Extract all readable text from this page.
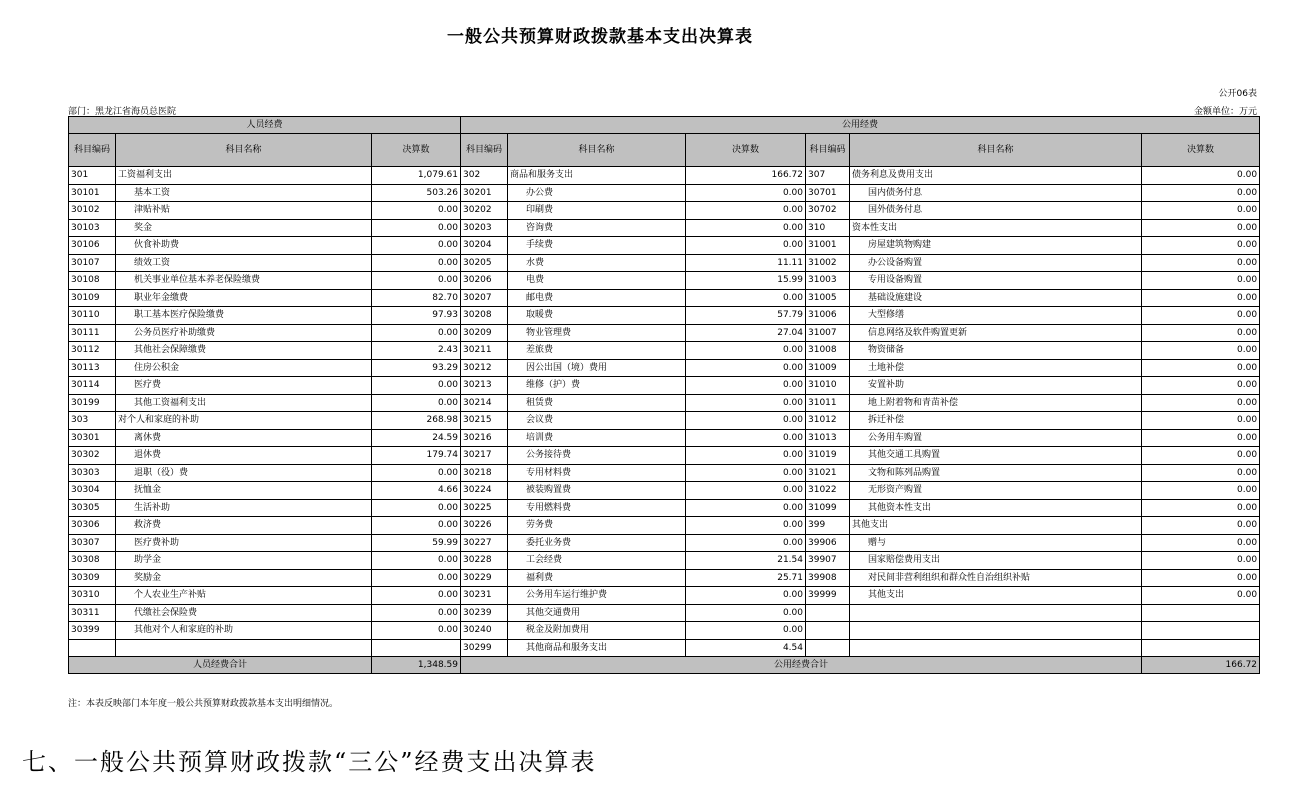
一般公共预算财政拨款基本支出决算表
公开06表
部门：黑龙江省海员总医院	金额单位：万元
人员经费			公用经费					
科目编码	科目名称	决算数	科目编码	科目名称	决算数	科目编码	科目名称	决算数
301	工资福利支出	1,079.61	302	商品和服务支出	166.72	307	债务利息及费用支出	0.00
30101	基本工资	503.26	30201	办公费	0.00	30701	国内债务付息	0.00
30102	津贴补贴	0.00	30202	印刷费	0.00	30702	国外债务付息	0.00
30103	奖金	0.00	30203	咨询费	0.00	310	资本性支出	0.00
30106	伙食补助费	0.00	30204	手续费	0.00	31001	房屋建筑物购建	0.00
30107	绩效工资	0.00	30205	水费	11.11	31002	办公设备购置	0.00
30108	机关事业单位基本养老保险缴费	0.00	30206	电费	15.99	31003	专用设备购置	0.00
30109	职业年金缴费	82.70	30207	邮电费	0.00	31005	基础设施建设	0.00
30110	职工基本医疗保险缴费	97.93	30208	取暖费	57.79	31006	大型修缮	0.00
30111	公务员医疗补助缴费	0.00	30209	物业管理费	27.04	31007	信息网络及软件购置更新	0.00
30112	其他社会保障缴费	2.43	30211	差旅费	0.00	31008	物资储备	0.00
30113	住房公积金	93.29	30212	因公出国（境）费用	0.00	31009	土地补偿	0.00
30114	医疗费	0.00	30213	维修（护）费	0.00	31010	安置补助	0.00
30199	其他工资福利支出	0.00	30214	租赁费	0.00	31011	地上附着物和青苗补偿	0.00
303	对个人和家庭的补助	268.98	30215	会议费	0.00	31012	拆迁补偿	0.00
30301	离休费	24.59	30216	培训费	0.00	31013	公务用车购置	0.00
30302	退休费	179.74	30217	公务接待费	0.00	31019	其他交通工具购置	0.00
30303	退职（役）费	0.00	30218	专用材料费	0.00	31021	文物和陈列品购置	0.00
30304	抚恤金	4.66	30224	被装购置费	0.00	31022	无形资产购置	0.00
30305	生活补助	0.00	30225	专用燃料费	0.00	31099	其他资本性支出	0.00
30306	救济费	0.00	30226	劳务费	0.00	399	其他支出	0.00
30307	医疗费补助	59.99	30227	委托业务费	0.00	39906	赠与	0.00
30308	助学金	0.00	30228	工会经费	21.54	39907	国家赔偿费用支出	0.00
30309	奖励金	0.00	30229	福利费	25.71	39908	对民间非营利组织和群众性自治组织补贴	0.00
30310	个人农业生产补贴	0.00	30231	公务用车运行维护费	0.00	39999	其他支出	0.00
30311	代缴社会保险费	0.00	30239	其他交通费用	0.00			
30399	其他对个人和家庭的补助	0.00	30240	税金及附加费用	0.00			
			30299	其他商品和服务支出	4.54			
人员经费合计		1,348.59	公用经费合计					166.72
注：本表反映部门本年度一般公共预算财政拨款基本支出明细情况。
七、一般公共预算财政拨款“三公”经费支出决算表
